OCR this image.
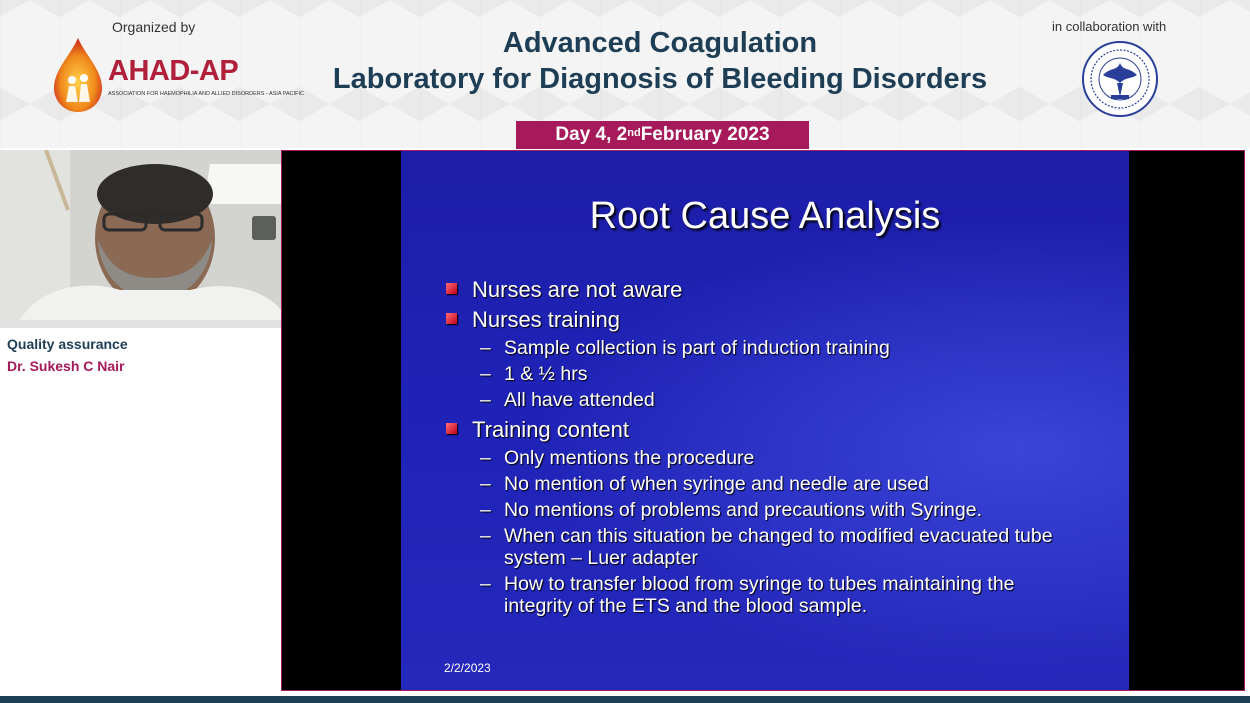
Organized by
AHAD-AP
ASSOCIATION FOR HAEMOPHILIA AND ALLIED DISORDERS - ASIA PACIFIC
Advanced Coagulation
Laboratory for Diagnosis of Bleeding Disorders
in collaboration with
Day 4, 2nd February 2023
Quality assurance
Dr. Sukesh C Nair
Root Cause Analysis
Nurses are not aware
Nurses training
– Sample collection is part of induction training
– 1 & ½ hrs
– All have attended
Training content
– Only mentions the procedure
– No mention of when syringe and needle are used
– No mentions of problems and precautions with Syringe.
– When can this situation be changed to modified evacuated tube system – Luer adapter
– How to transfer blood from syringe to tubes maintaining the integrity of the ETS and the blood sample.
2/2/2023
